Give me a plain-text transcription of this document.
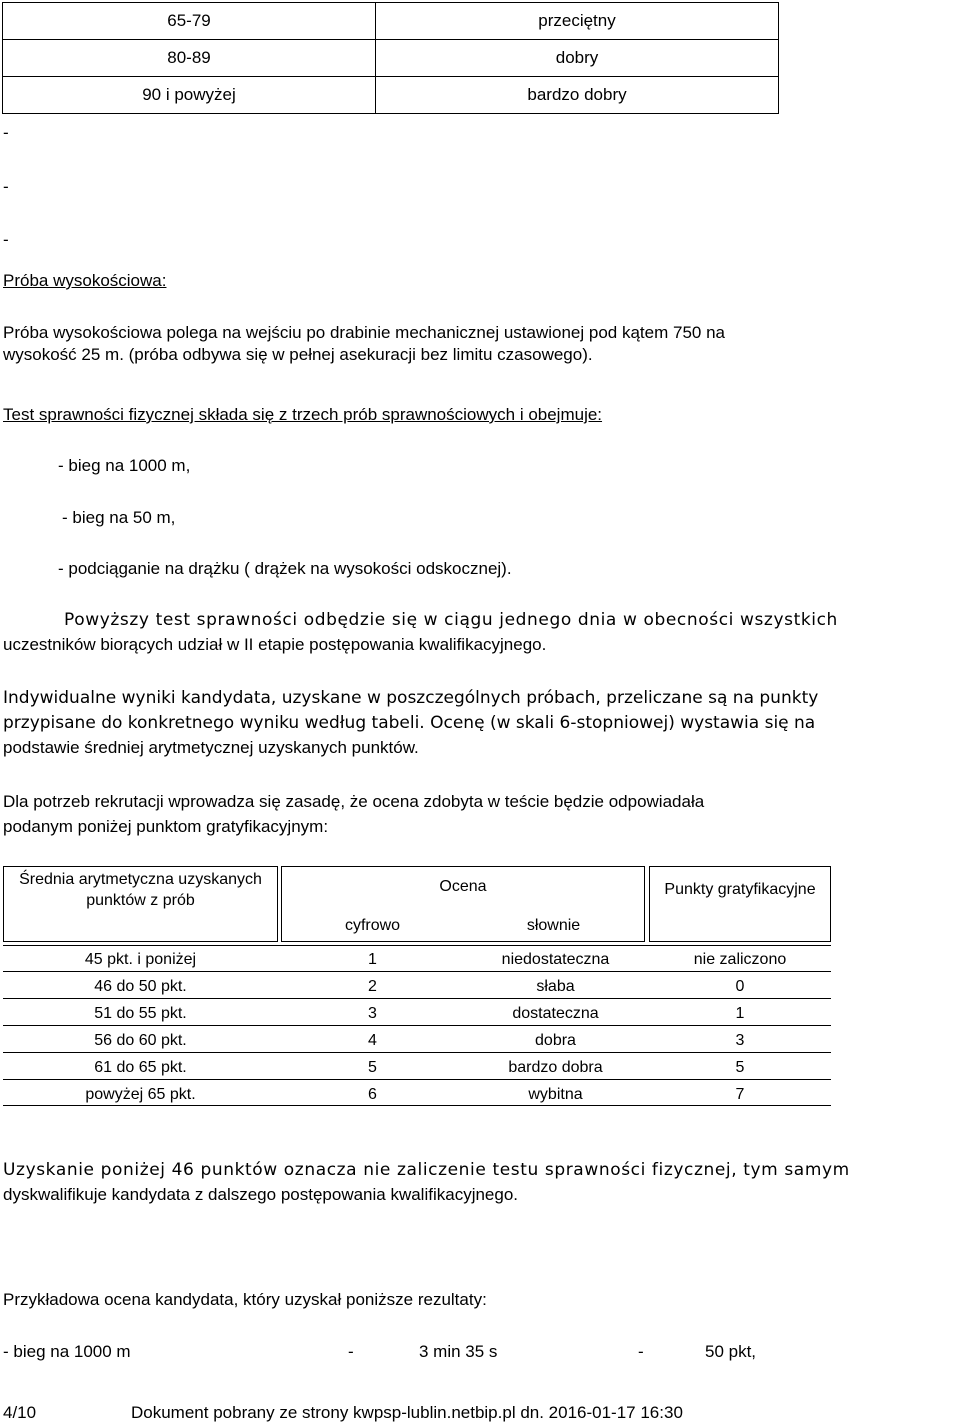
65-79	przeciętny
80-89	dobry
90 i powyżej	bardzo dobry
-
-
-
Próba wysokościowa:
Próba wysokościowa polega na wejściu po drabinie mechanicznej ustawionej pod kątem 750 na
wysokość 25 m. (próba odbywa się w pełnej asekuracji bez limitu czasowego).
Test sprawności fizycznej składa się z trzech prób sprawnościowych i obejmuje:
- bieg na 1000 m,
- bieg na 50 m,
- podciąganie na drążku ( drążek na wysokości odskocznej).
Powyższy test sprawności odbędzie się w ciągu jednego dnia w obecności wszystkich
uczestników biorących udział w II etapie postępowania kwalifikacyjnego.
Indywidualne wyniki kandydata, uzyskane w poszczególnych próbach, przeliczane są na punkty
przypisane do konkretnego wyniku według tabeli. Ocenę (w skali 6-stopniowej) wystawia się na
podstawie średniej arytmetycznej uzyskanych punktów.
Dla potrzeb rekrutacji wprowadza się zasadę, że ocena zdobyta w teście będzie odpowiadała
podanym poniżej punktom gratyfikacyjnym:
Średnia arytmetyczna uzyskanych
punktów z prób
Ocena
cyfrowo	słownie
Punkty gratyfikacyjne
45 pkt. i poniżej	1	niedostateczna	nie zaliczono
46 do 50 pkt.	2	słaba	0
51 do 55 pkt.	3	dostateczna	1
56 do 60 pkt.	4	dobra	3
61 do 65 pkt.	5	bardzo dobra	5
powyżej 65 pkt.	6	wybitna	7
Uzyskanie poniżej 46 punktów oznacza nie zaliczenie testu sprawności fizycznej, tym samym
dyskwalifikuje kandydata z dalszego postępowania kwalifikacyjnego.
Przykładowa ocena kandydata, który uzyskał poniższe rezultaty:
- bieg na 1000 m	-	3 min 35 s	-	50 pkt,
4/10	Dokument pobrany ze strony kwpsp-lublin.netbip.pl dn. 2016-01-17 16:30
